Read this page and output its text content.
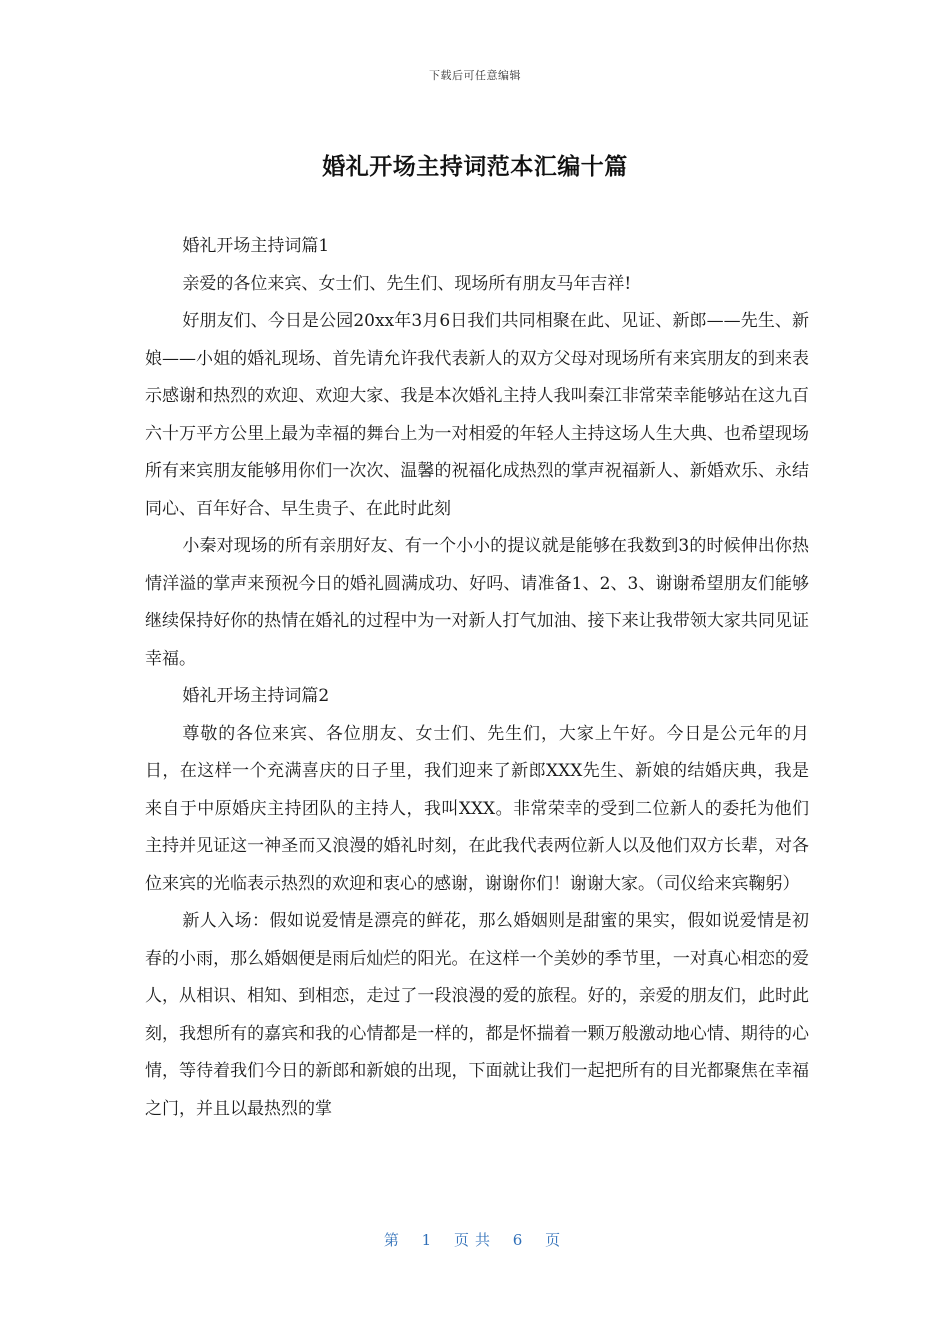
下载后可任意编辑
婚礼开场主持词范本汇编十篇

婚礼开场主持词篇1

亲爱的各位来宾、女士们、先生们、现场所有朋友马年吉祥!

好朋友们、今日是公园20xx年3月6日我们共同相聚在此、见证、新郎——先生、新娘——小姐的婚礼现场、首先请允许我代表新人的双方父母对现场所有来宾朋友的到来表示感谢和热烈的欢迎、欢迎大家、我是本次婚礼主持人我叫秦江非常荣幸能够站在这九百六十万平方公里上最为幸福的舞台上为一对相爱的年轻人主持这场人生大典、也希望现场所有来宾朋友能够用你们一次次、温馨的祝福化成热烈的掌声祝福新人、新婚欢乐、永结同心、百年好合、早生贵子、在此时此刻

小秦对现场的所有亲朋好友、有一个小小的提议就是能够在我数到3的时候伸出你热情洋溢的掌声来预祝今日的婚礼圆满成功、好吗、请准备1、2、3、谢谢希望朋友们能够继续保持好你的热情在婚礼的过程中为一对新人打气加油、接下来让我带领大家共同见证幸福。

婚礼开场主持词篇2

尊敬的各位来宾、各位朋友、女士们、先生们，大家上午好。今日是公元年的月日，在这样一个充满喜庆的日子里，我们迎来了新郎XXX先生、新娘的结婚庆典，我是来自于中原婚庆主持团队的主持人，我叫XXX。非常荣幸的受到二位新人的委托为他们主持并见证这一神圣而又浪漫的婚礼时刻，在此我代表两位新人以及他们双方长辈，对各位来宾的光临表示热烈的欢迎和衷心的感谢，谢谢你们！谢谢大家。（司仪给来宾鞠躬）

新人入场：假如说爱情是漂亮的鲜花，那么婚姻则是甜蜜的果实，假如说爱情是初春的小雨，那么婚姻便是雨后灿烂的阳光。在这样一个美妙的季节里，一对真心相恋的爱人，从相识、相知、到相恋，走过了一段浪漫的爱的旅程。好的，亲爱的朋友们，此时此刻，我想所有的嘉宾和我的心情都是一样的，都是怀揣着一颗万般激动地心情、期待的心情，等待着我们今日的新郎和新娘的出现，下面就让我们一起把所有的目光都聚焦在幸福之门，并且以最热烈的掌

第 1 页共 6 页
